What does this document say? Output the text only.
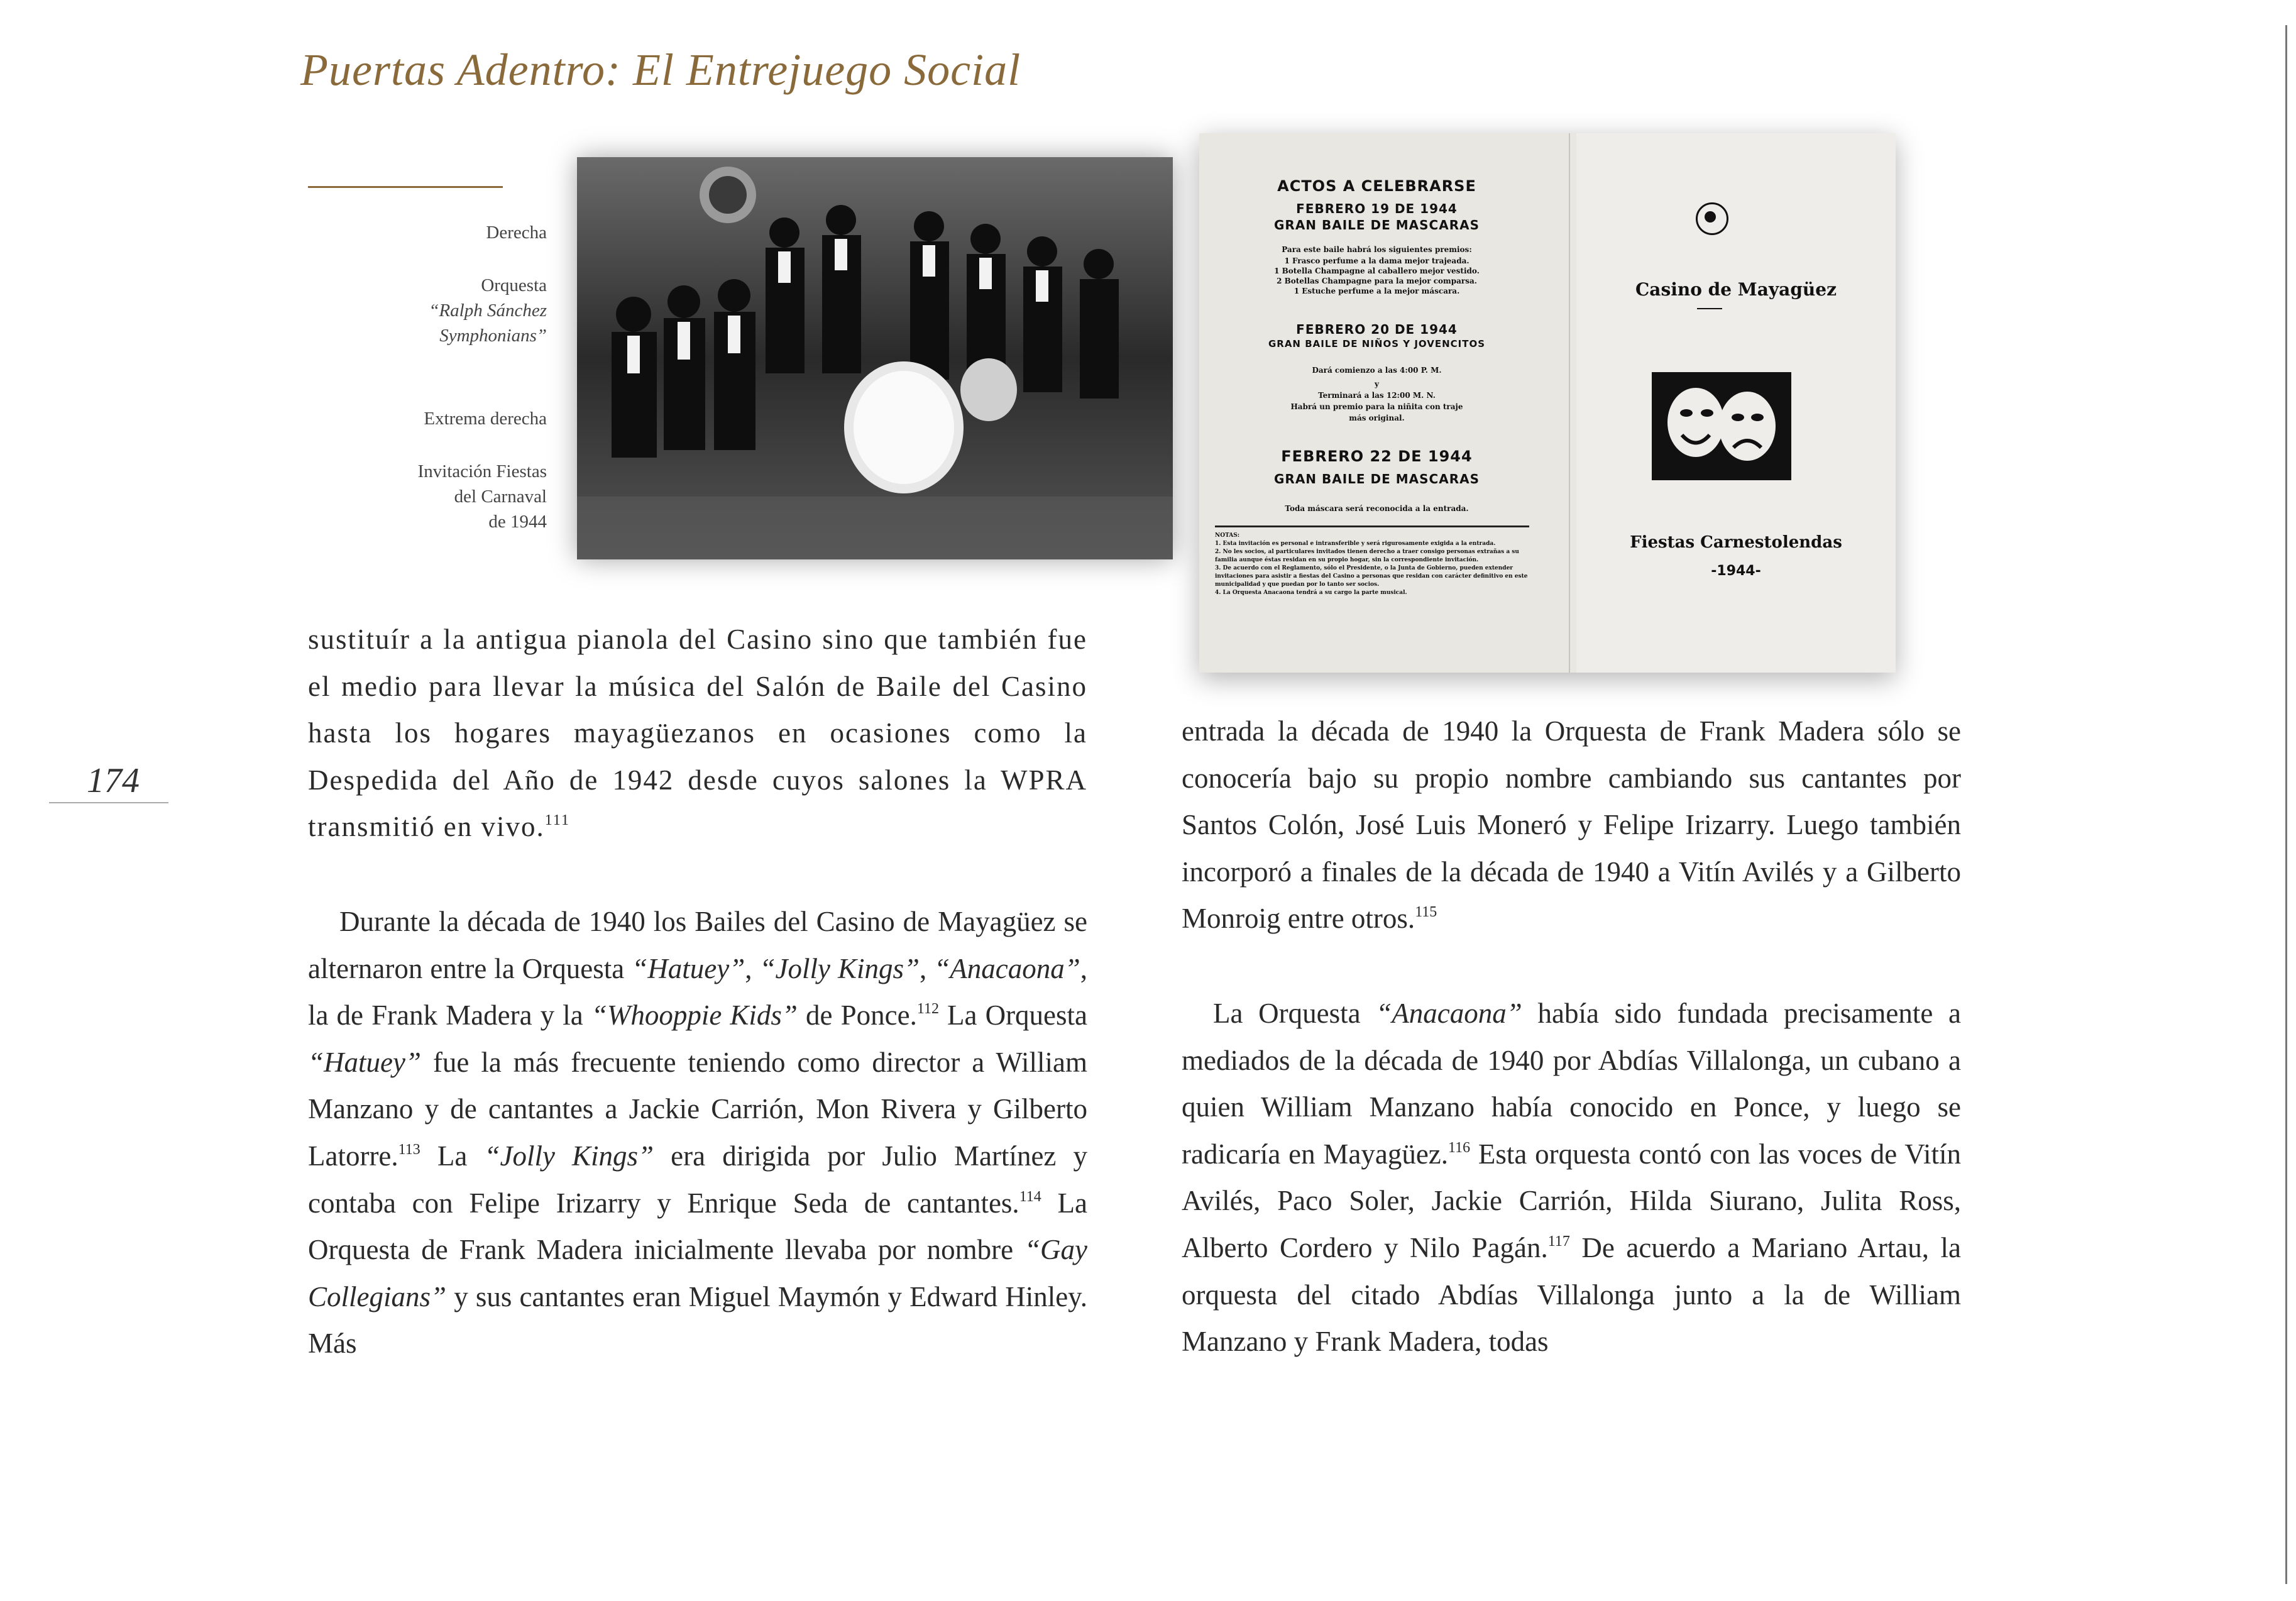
Puertas Adentro: El Entrejuego Social

Derecha

Orquesta

“Ralph Sánchez

Symphonians”

Extrema derecha

Invitación Fiestas

del Carnaval

de 1944

ACTOS A CELEBRARSE
FEBRERO 19 DE 1944
GRAN BAILE DE MASCARAS
Para este baile habrá los siguientes premios:
1 Frasco perfume a la dama mejor trajeada.
1 Botella Champagne al caballero mejor vestido.
2 Botellas Champagne para la mejor comparsa.
1 Estuche perfume a la mejor máscara.
FEBRERO 20 DE 1944
GRAN BAILE DE NIÑOS Y JOVENCITOS
Dará comienzo a las 4:00 P. M.
y
Terminará a las 12:00 M. N.
Habrá un premio para la niñita con traje
más original.
FEBRERO 22 DE 1944
GRAN BAILE DE MASCARAS
Toda máscara será reconocida a la entrada.
NOTAS:
1. Esta invitación es personal e intransferible y será rigurosamente exigida a la entrada.
2. No les socios, al particulares invitados tienen derecho a traer consigo personas extrañas a su familia aunque éstas residan en su propio hogar, sin la correspondiente invitación.
3. De acuerdo con el Reglamento, sólo el Presidente, o la Junta de Gobierno, pueden extender invitaciones para asistir a fiestas del Casino a personas que residan con carácter definitivo en este municipalidad y que puedan por lo tanto ser socios.
4. La Orquesta Anacaona tendrá a su cargo la parte musical.
Casino de Mayagüez
Fiestas Carnestolendas
-1944-
174

sustituír a la antigua pianola del Casino sino que también fue el medio para llevar la música del Salón de Baile del Casino hasta los hogares mayagüezanos en ocasiones como la Despedida del Año de 1942 desde cuyos salones la WPRA transmitió en vivo.$^{111}$

Durante la década de 1940 los Bailes del Casino de Mayagüez se alternaron entre la Orquesta “Hatuey”, “Jolly Kings”, “Anacaona”, la de Frank Madera y la “Whooppie Kids” de Ponce.$^{112}$ La Orquesta “Hatuey” fue la más frecuente teniendo como director a William Manzano y de cantantes a Jackie Carrión, Mon Rivera y Gilberto Latorre.$^{113}$ La “Jolly Kings” era dirigida por Julio Martínez y contaba con Felipe Irizarry y Enrique Seda de cantantes.$^{114}$ La Orquesta de Frank Madera inicialmente llevaba por nombre “Gay Collegians” y sus cantantes eran Miguel Maymón y Edward Hinley. Más

entrada la década de 1940 la Orquesta de Frank Madera sólo se conocería bajo su propio nombre cambiando sus cantantes por Santos Colón, José Luis Moneró y Felipe Irizarry. Luego también incorporó a finales de la década de 1940 a Vitín Avilés y a Gilberto Monroig entre otros.$^{115}$

La Orquesta “Anacaona” había sido fundada precisamente a mediados de la década de 1940 por Abdías Villalonga, un cubano a quien William Manzano había conocido en Ponce, y luego se radicaría en Mayagüez.$^{116}$ Esta orquesta contó con las voces de Vitín Avilés, Paco Soler, Jackie Carrión, Hilda Siurano, Julita Ross, Alberto Cordero y Nilo Pagán.$^{117}$ De acuerdo a Mariano Artau, la orquesta del citado Abdías Villalonga junto a la de William Manzano y Frank Madera, todas
